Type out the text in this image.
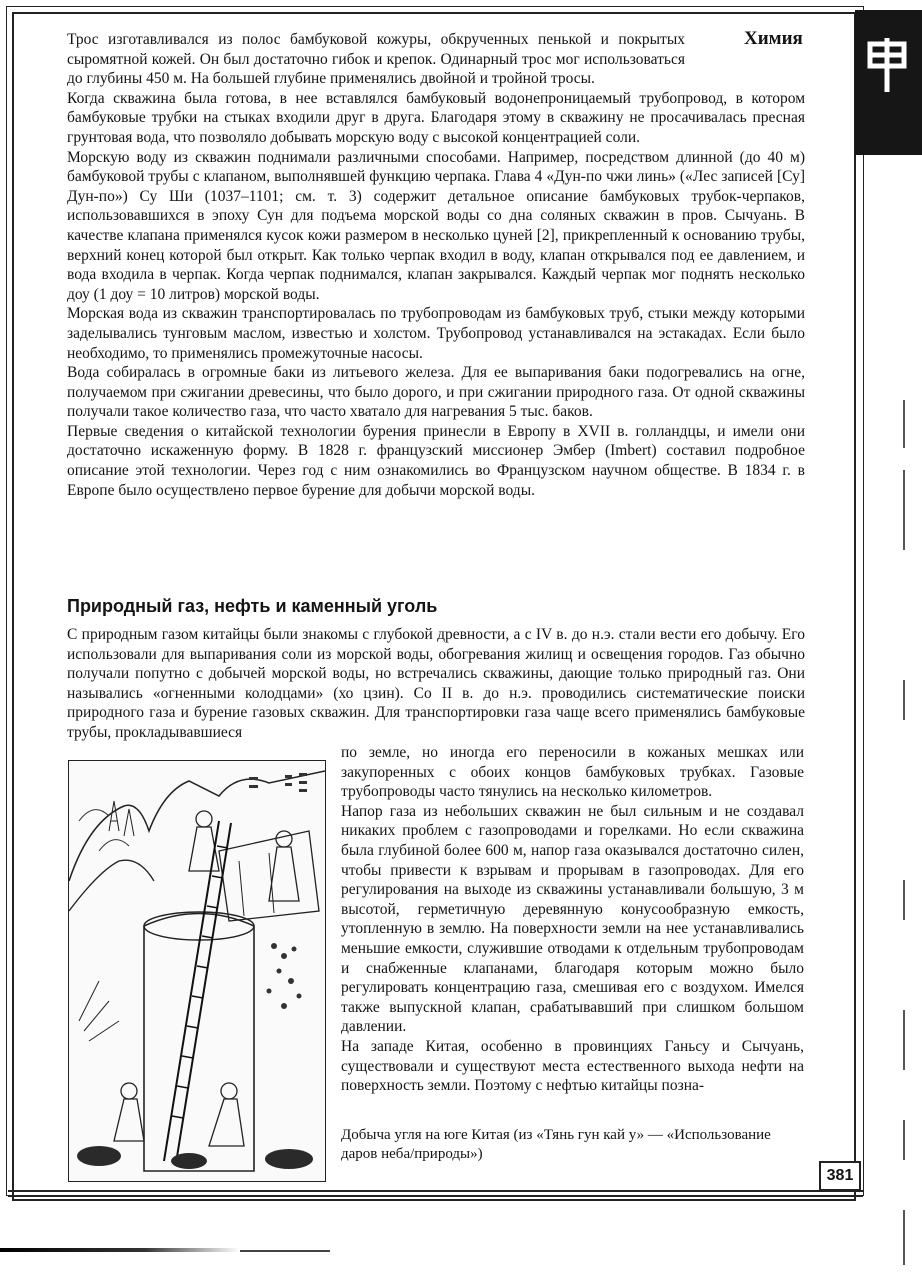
Химия

Трос изготавливался из полос бамбуковой кожуры, обкрученных пенькой и покрытых сыромятной кожей. Он был достаточно гибок и крепок. Одинарный трос мог использоваться до глубины 450 м. На большей глубине применялись двойной и тройной тросы.

Когда скважина была готова, в нее вставлялся бамбуковый водонепроницаемый трубопровод, в котором бамбуковые трубки на стыках входили друг в друга. Благодаря этому в скважину не просачивалась пресная грунтовая вода, что позволяло добывать морскую воду с высокой концентрацией соли.

Морскую воду из скважин поднимали различными способами. Например, посредством длинной (до 40 м) бамбуковой трубы с клапаном, выполнявшей функцию черпака. Глава 4 «Дун-по чжи линь» («Лес записей [Су] Дун-по») Су Ши (1037–1101; см. т. 3) содержит детальное описание бамбуковых трубок-черпаков, использовавшихся в эпоху Сун для подъема морской воды со дна соляных скважин в пров. Сычуань. В качестве клапана применялся кусок кожи размером в несколько цуней [2], прикрепленный к основанию трубы, верхний конец которой был открыт. Как только черпак входил в воду, клапан открывался под ее давлением, и вода входила в черпак. Когда черпак поднимался, клапан закрывался. Каждый черпак мог поднять несколько доу (1 доу = 10 литров) морской воды.

Морская вода из скважин транспортировалась по трубопроводам из бамбуковых труб, стыки между которыми заделывались тунговым маслом, известью и холстом. Трубопровод устанавливался на эстакадах. Если было необходимо, то применялись промежуточные насосы.

Вода собиралась в огромные баки из литьевого железа. Для ее выпаривания баки подогревались на огне, получаемом при сжигании древесины, что было дорого, и при сжигании природного газа. От одной скважины получали такое количество газа, что часто хватало для нагревания 5 тыс. баков.

Первые сведения о китайской технологии бурения принесли в Европу в XVII в. голландцы, и имели они достаточно искаженную форму. В 1828 г. французский миссионер Эмбер (Imbert) составил подробное описание этой технологии. Через год с ним ознакомились во Французском научном обществе. В 1834 г. в Европе было осуществлено первое бурение для добычи морской воды.

Природный газ, нефть и каменный уголь

С природным газом китайцы были знакомы с глубокой древности, а с IV в. до н.э. стали вести его добычу. Его использовали для выпаривания соли из морской воды, обогревания жилищ и освещения городов. Газ обычно получали попутно с добычей морской воды, но встречались скважины, дающие только природный газ. Они назывались «огненными колодцами» (хо цзин). Со II в. до н.э. проводились систематические поиски природного газа и бурение газовых скважин. Для транспортировки газа чаще всего применялись бамбуковые трубы, прокладывавшиеся

по земле, но иногда его переносили в кожаных мешках или закупоренных с обоих концов бамбуковых трубках. Газовые трубопроводы часто тянулись на несколько километров.

Напор газа из небольших скважин не был сильным и не создавал никаких проблем с газопроводами и горелками. Но если скважина была глубиной более 600 м, напор газа оказывался достаточно силен, чтобы привести к взрывам и прорывам в газопроводах. Для его регулирования на выходе из скважины устанавливали большую, 3 м высотой, герметичную деревянную конусообразную емкость, утопленную в землю. На поверхности земли на нее устанавливались меньшие емкости, служившие отводами к отдельным трубопроводам и снабженные клапанами, благодаря которым можно было регулировать концентрацию газа, смешивая его с воздухом. Имелся также выпускной клапан, срабатывавший при слишком большом давлении.

На западе Китая, особенно в провинциях Ганьсу и Сычуань, существовали и существуют места естественного выхода нефти на поверхность земли. Поэтому с нефтью китайцы позна-

Добыча угля на юге Китая (из «Тянь гун кай у» — «Использование даров неба/природы»)
381
